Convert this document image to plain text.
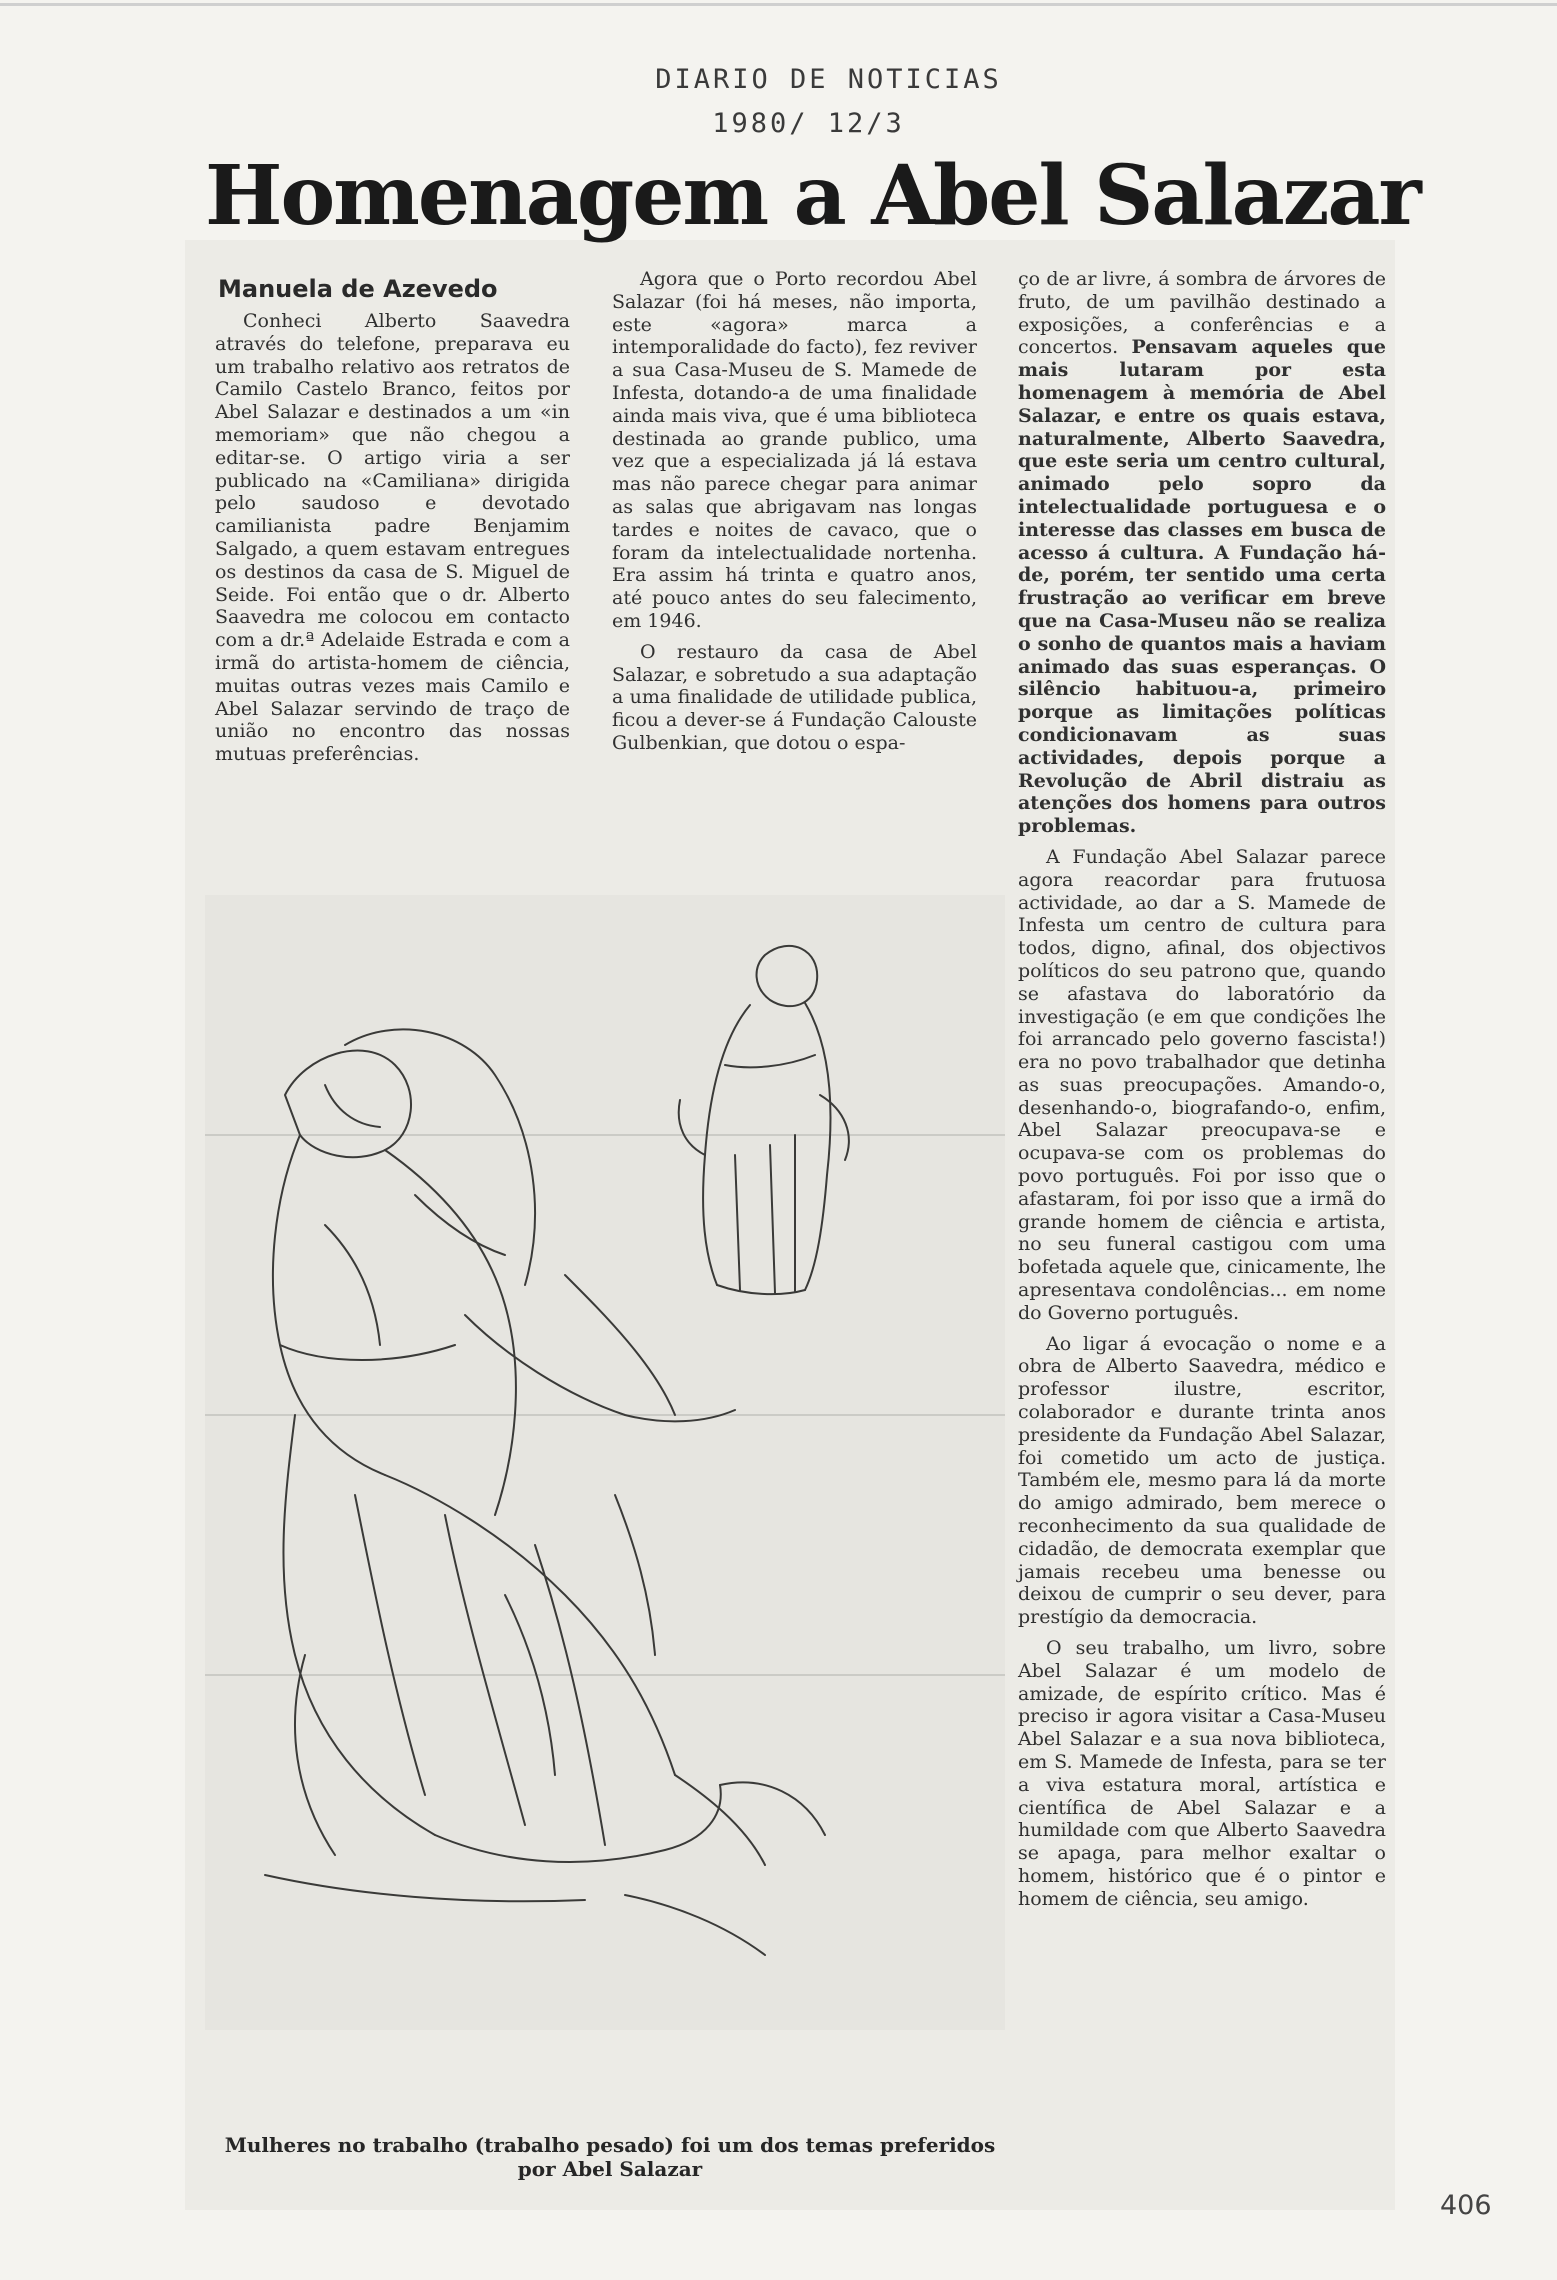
DIARIO DE NOTICIAS
1980/ 12/3
Homenagem a Abel Salazar
Manuela de Azevedo

Conheci Alberto Saavedra através do telefone, preparava eu um trabalho relativo aos retratos de Camilo Castelo Branco, feitos por Abel Salazar e destinados a um «in memoriam» que não chegou a editar-se. O artigo viria a ser publicado na «Camiliana» dirigida pelo saudoso e devotado camilianista padre Benjamim Salgado, a quem estavam entregues os destinos da casa de S. Miguel de Seide. Foi então que o dr. Alberto Saavedra me colocou em contacto com a dr.ª Adelaide Estrada e com a irmã do artista-homem de ciência, muitas outras vezes mais Camilo e Abel Salazar servindo de traço de união no encontro das nossas mutuas preferências.

Agora que o Porto recordou Abel Salazar (foi há meses, não importa, este «agora» marca a intemporalidade do facto), fez reviver a sua Casa-Museu de S. Mamede de Infesta, dotando-a de uma finalidade ainda mais viva, que é uma biblioteca destinada ao grande publico, uma vez que a especializada já lá estava mas não parece chegar para animar as salas que abrigavam nas longas tardes e noites de cavaco, que o foram da intelectualidade nortenha. Era assim há trinta e quatro anos, até pouco antes do seu falecimento, em 1946.

O restauro da casa de Abel Salazar, e sobretudo a sua adaptação a uma finalidade de utilidade publica, ficou a dever-se á Fundação Calouste Gulbenkian, que dotou o espa-

ço de ar livre, á sombra de árvores de fruto, de um pavilhão destinado a exposições, a conferências e a concertos. Pensavam aqueles que mais lutaram por esta homenagem à memória de Abel Salazar, e entre os quais estava, naturalmente, Alberto Saavedra, que este seria um centro cultural, animado pelo sopro da intelectualidade portuguesa e o interesse das classes em busca de acesso á cultura. A Fundação há-de, porém, ter sentido uma certa frustração ao verificar em breve que na Casa-Museu não se realiza o sonho de quantos mais a haviam animado das suas esperanças. O silêncio habituou-a, primeiro porque as limitações políticas condicionavam as suas actividades, depois porque a Revolução de Abril distraiu as atenções dos homens para outros problemas.

A Fundação Abel Salazar parece agora reacordar para frutuosa actividade, ao dar a S. Mamede de Infesta um centro de cultura para todos, digno, afinal, dos objectivos políticos do seu patrono que, quando se afastava do laboratório da investigação (e em que condições lhe foi arrancado pelo governo fascista!) era no povo trabalhador que detinha as suas preocupações. Amando-o, desenhando-o, biografando-o, enfim, Abel Salazar preocupava-se e ocupava-se com os problemas do povo português. Foi por isso que o afastaram, foi por isso que a irmã do grande homem de ciência e artista, no seu funeral castigou com uma bofetada aquele que, cinicamente, lhe apresentava condolências... em nome do Governo português.

Ao ligar á evocação o nome e a obra de Alberto Saavedra, médico e professor ilustre, escritor, colaborador e durante trinta anos presidente da Fundação Abel Salazar, foi cometido um acto de justiça. Também ele, mesmo para lá da morte do amigo admirado, bem merece o reconhecimento da sua qualidade de cidadão, de democrata exemplar que jamais recebeu uma benesse ou deixou de cumprir o seu dever, para prestígio da democracia.

O seu trabalho, um livro, sobre Abel Salazar é um modelo de amizade, de espírito crítico. Mas é preciso ir agora visitar a Casa-Museu Abel Salazar e a sua nova biblioteca, em S. Mamede de Infesta, para se ter a viva estatura moral, artística e científica de Abel Salazar e a humildade com que Alberto Saavedra se apaga, para melhor exaltar o homem, histórico que é o pintor e homem de ciência, seu amigo.

Mulheres no trabalho (trabalho pesado) foi um dos temas preferidos por Abel Salazar
406
